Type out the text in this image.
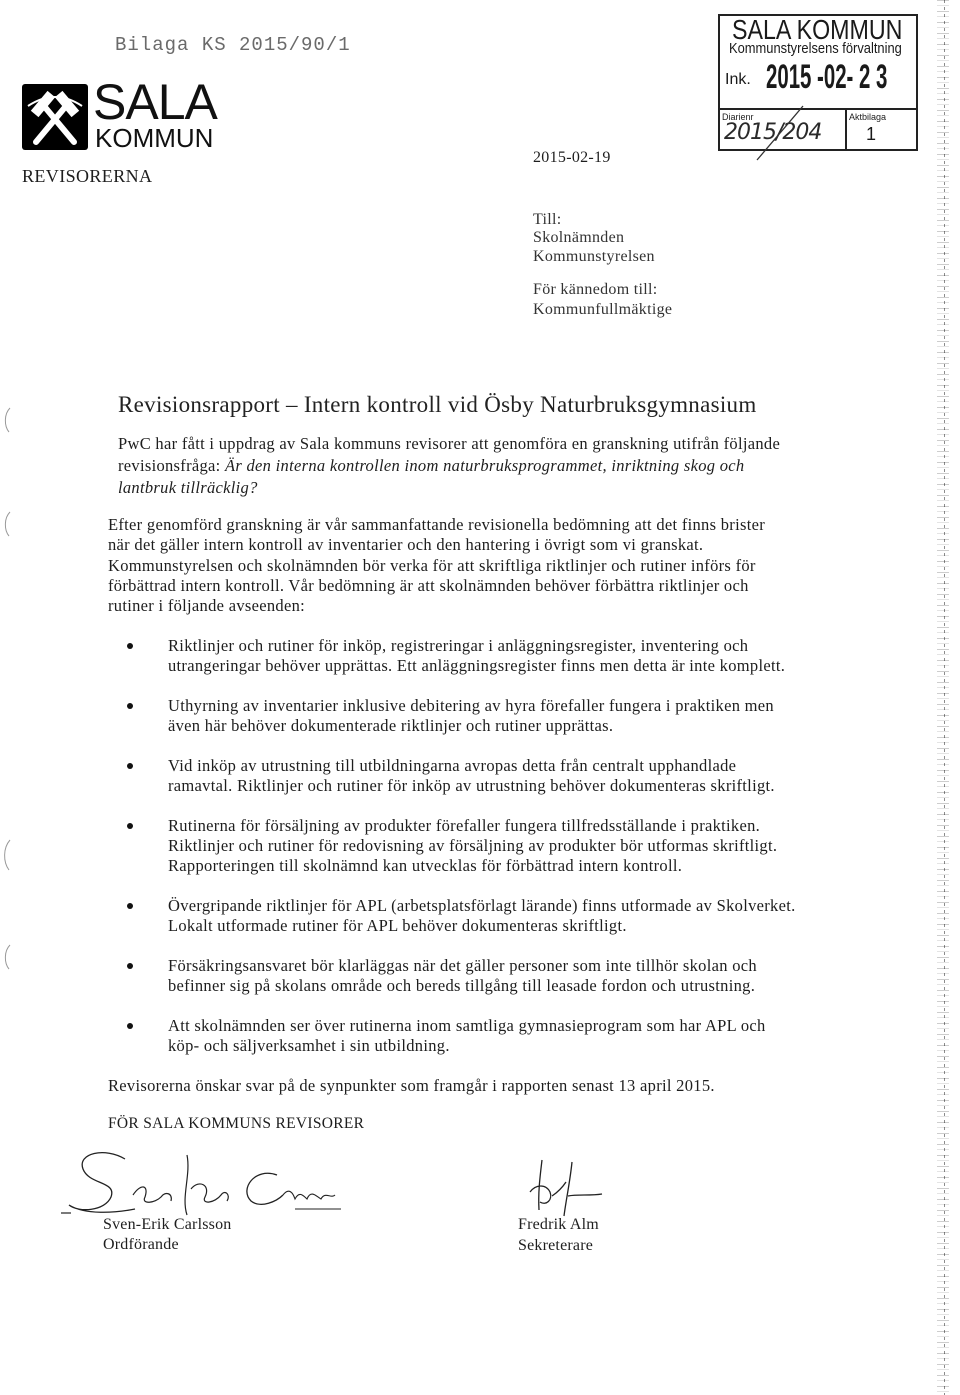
Bilaga KS 2015/90/1
SALA
KOMMUN
REVISORERNA
2015-02-19
SALA KOMMUN
Kommunstyrelsens förvaltning
Ink. 2015 -02- 2 3
Diarienr
2015/204
Aktbilaga
1
Till:
Skolnämnden
Kommunstyrelsen
För kännedom till:
Kommunfullmäktige
Revisionsrapport – Intern kontroll vid Ösby Naturbruksgymnasium
PwC har fått i uppdrag av Sala kommuns revisorer att genomföra en granskning utifrån följande
revisionsfråga: Är den interna kontrollen inom naturbruksprogrammet, inriktning skog och
lantbruk tillräcklig?
Efter genomförd granskning är vår sammanfattande revisionella bedömning att det finns brister
när det gäller intern kontroll av inventarier och den hantering i övrigt som vi granskat.
Kommunstyrelsen och skolnämnden bör verka för att skriftliga riktlinjer och rutiner införs för
förbättrad intern kontroll. Vår bedömning är att skolnämnden behöver förbättra riktlinjer och
rutiner i följande avseenden:
Riktlinjer och rutiner för inköp, registreringar i anläggningsregister, inventering och
utrangeringar behöver upprättas. Ett anläggningsregister finns men detta är inte komplett.
Uthyrning av inventarier inklusive debitering av hyra förefaller fungera i praktiken men
även här behöver dokumenterade riktlinjer och rutiner upprättas.
Vid inköp av utrustning till utbildningarna avropas detta från centralt upphandlade
ramavtal. Riktlinjer och rutiner för inköp av utrustning behöver dokumenteras skriftligt.
Rutinerna för försäljning av produkter förefaller fungera tillfredsställande i praktiken.
Riktlinjer och rutiner för redovisning av försäljning av produkter bör utformas skriftligt.
Rapporteringen till skolnämnd kan utvecklas för förbättrad intern kontroll.
Övergripande riktlinjer för APL (arbetsplatsförlagt lärande) finns utformade av Skolverket.
Lokalt utformade rutiner för APL behöver dokumenteras skriftligt.
Försäkringsansvaret bör klarläggas när det gäller personer som inte tillhör skolan och
befinner sig på skolans område och bereds tillgång till leasade fordon och utrustning.
Att skolnämnden ser över rutinerna inom samtliga gymnasieprogram som har APL och
köp- och säljverksamhet i sin utbildning.
Revisorerna önskar svar på de synpunkter som framgår i rapporten senast 13 april 2015.
FÖR SALA KOMMUNS REVISORER
Sven-Erik Carlsson
Ordförande
Fredrik Alm
Sekreterare
